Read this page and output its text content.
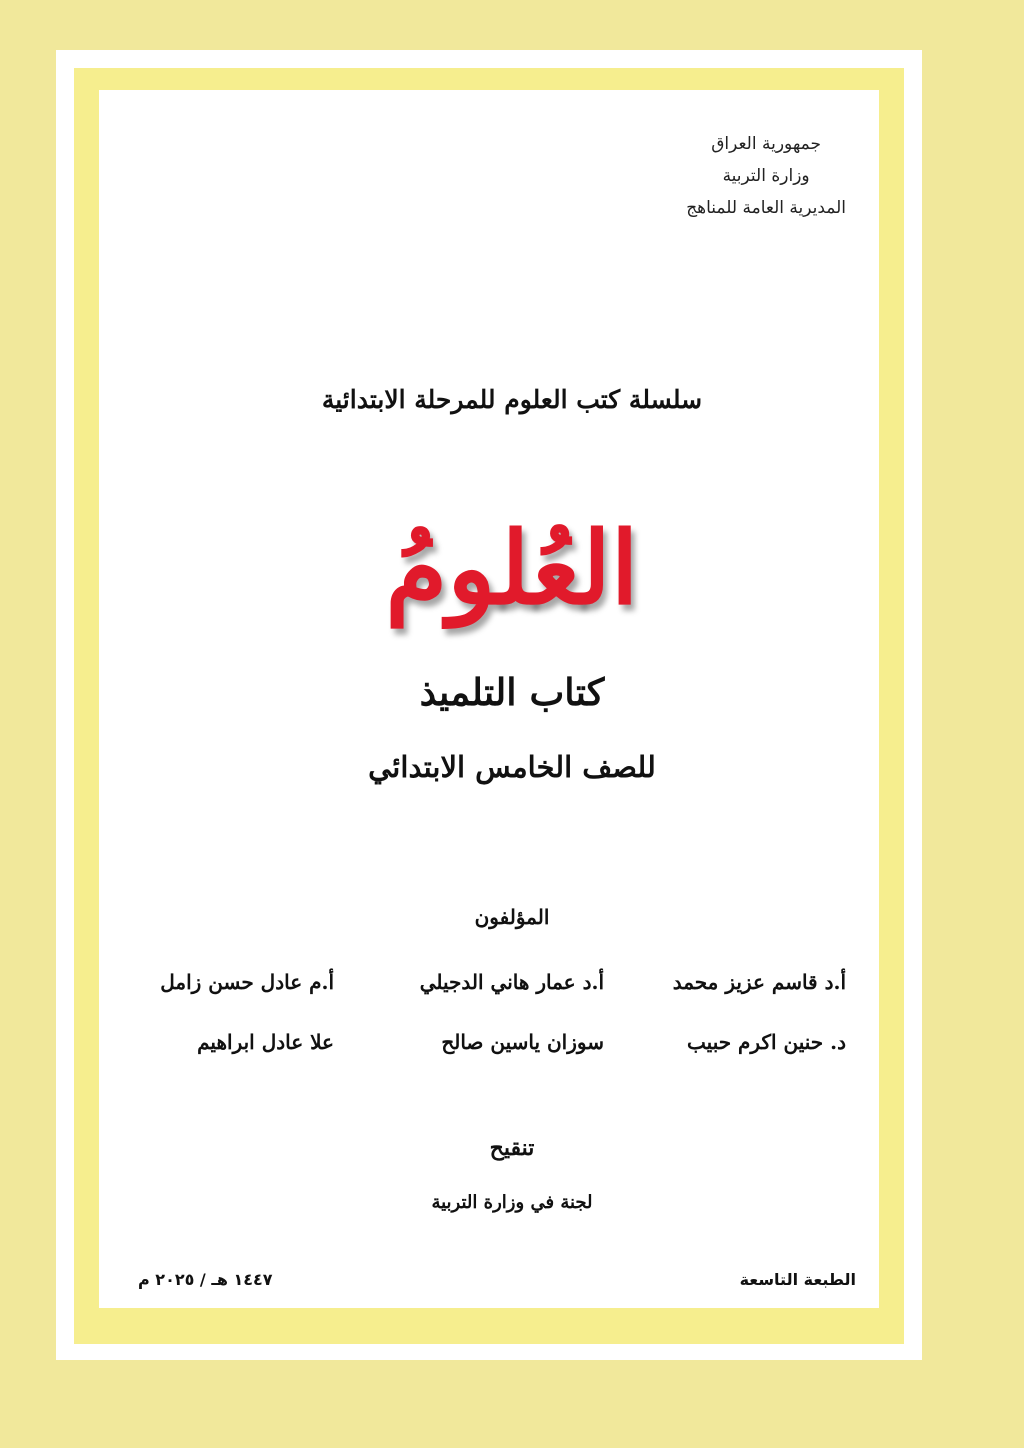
جمهورية العراق
وزارة التربية
المديرية العامة للمناهج
سلسلة كتب العلوم للمرحلة الابتدائية
العُلومُ
كتاب التلميذ
للصف الخامس الابتدائي
المؤلفون
أ.د قاسم عزيز محمد
أ.د عمار هاني الدجيلي
أ.م عادل حسن زامل
د. حنين اكرم حبيب
سوزان ياسين صالح
علا عادل ابراهيم
تنقيح
لجنة في وزارة التربية
الطبعة التاسعة
١٤٤٧ هـ / ٢٠٢٥ م
